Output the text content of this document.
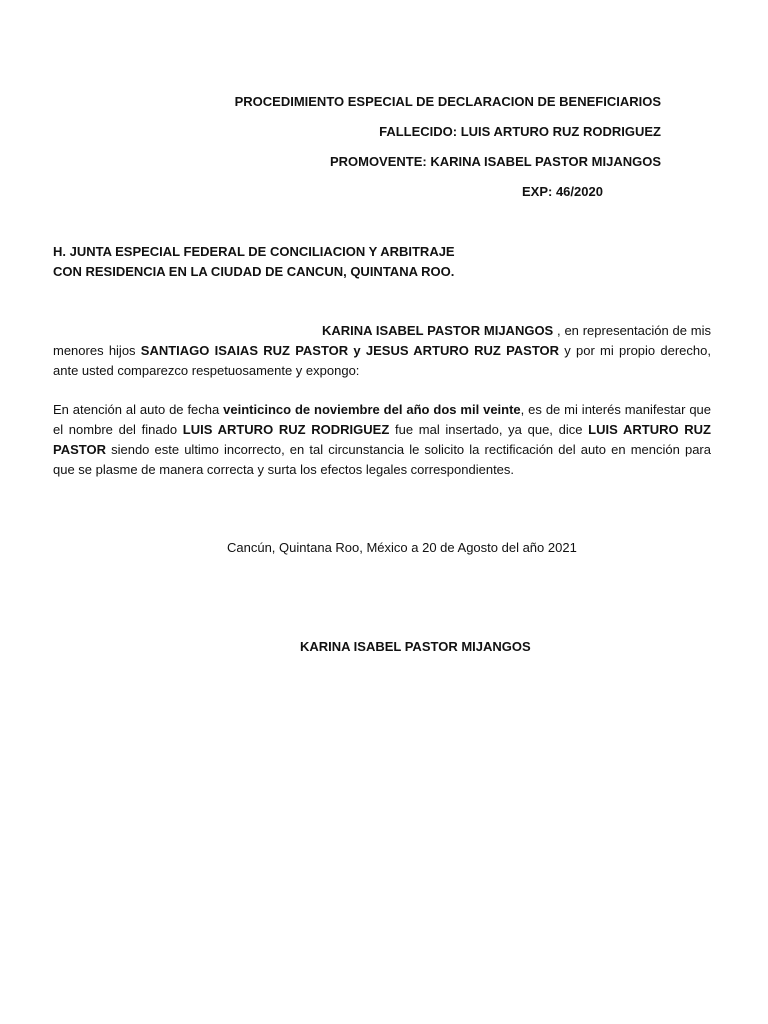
PROCEDIMIENTO ESPECIAL DE DECLARACION DE BENEFICIARIOS
FALLECIDO: LUIS ARTURO RUZ RODRIGUEZ
PROMOVENTE: KARINA ISABEL PASTOR MIJANGOS
EXP: 46/2020
H. JUNTA ESPECIAL FEDERAL DE CONCILIACION Y ARBITRAJE
CON RESIDENCIA EN LA CIUDAD DE CANCUN, QUINTANA ROO.
KARINA ISABEL PASTOR MIJANGOS , en representación de mis menores hijos SANTIAGO ISAIAS RUZ PASTOR y JESUS ARTURO RUZ PASTOR y por mi propio derecho, ante usted comparezco respetuosamente y expongo:
En atención al auto de fecha veinticinco de noviembre del año dos mil veinte, es de mi interés manifestar que el nombre del finado LUIS ARTURO RUZ RODRIGUEZ fue mal insertado, ya que, dice LUIS ARTURO RUZ PASTOR siendo este ultimo incorrecto, en tal circunstancia le solicito la rectificación del auto en mención para que se plasme de manera correcta y surta los efectos legales correspondientes.
Cancún, Quintana Roo, México a 20 de Agosto del año 2021
KARINA ISABEL PASTOR MIJANGOS
